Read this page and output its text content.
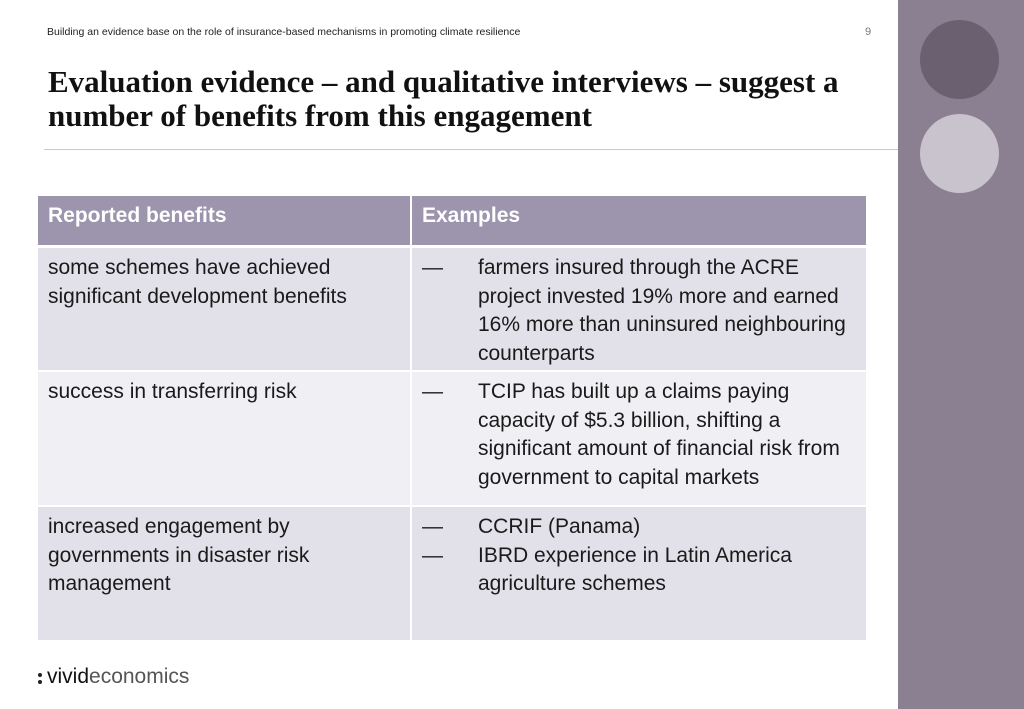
Building an evidence base on the role of insurance-based mechanisms in promoting climate resilience	9
Evaluation evidence – and qualitative interviews – suggest a
number of benefits from this engagement
Reported benefits	Examples
some schemes have achieved significant development benefits	— farmers insured through the ACRE project invested 19% more and earned 16% more than uninsured neighbouring counterparts

success in transferring risk	— TCIP has built up a claims paying capacity of $5.3 billion, shifting a significant amount of financial risk from government to capital markets

increased engagement by governments in disaster risk management	— CCRIF (Panama)
— IBRD experience in Latin America agriculture schemes
vivid economics
